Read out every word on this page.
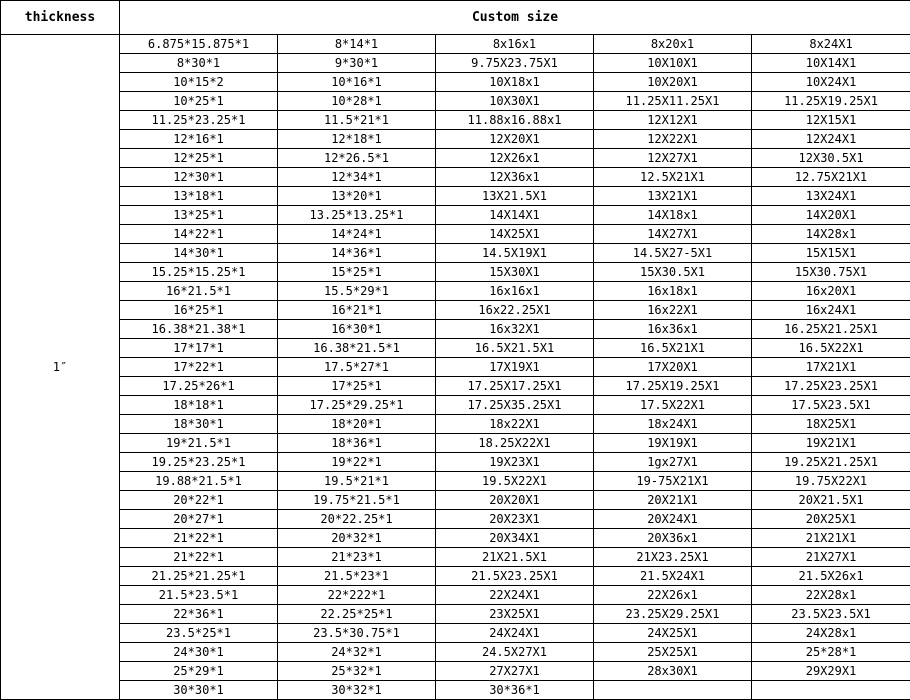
thickness	Custom size				
1″	6.875*15.875*1	8*14*1	8x16x1	8x20x1	8x24X1
	8*30*1	9*30*1	9.75X23.75X1	10X10X1	10X14X1
	10*15*2	10*16*1	10X18x1	10X20X1	10X24X1
	10*25*1	10*28*1	10X30X1	11.25X11.25X1	11.25X19.25X1
	11.25*23.25*1	11.5*21*1	11.88x16.88x1	12X12X1	12X15X1
	12*16*1	12*18*1	12X20X1	12X22X1	12X24X1
	12*25*1	12*26.5*1	12X26x1	12X27X1	12X30.5X1
	12*30*1	12*34*1	12X36x1	12.5X21X1	12.75X21X1
	13*18*1	13*20*1	13X21.5X1	13X21X1	13X24X1
	13*25*1	13.25*13.25*1	14X14X1	14X18x1	14X20X1
	14*22*1	14*24*1	14X25X1	14X27X1	14X28x1
	14*30*1	14*36*1	14.5X19X1	14.5X27-5X1	15X15X1
	15.25*15.25*1	15*25*1	15X30X1	15X30.5X1	15X30.75X1
	16*21.5*1	15.5*29*1	16x16x1	16x18x1	16x20X1
	16*25*1	16*21*1	16x22.25X1	16x22X1	16x24X1
	16.38*21.38*1	16*30*1	16x32X1	16x36x1	16.25X21.25X1
	17*17*1	16.38*21.5*1	16.5X21.5X1	16.5X21X1	16.5X22X1
	17*22*1	17.5*27*1	17X19X1	17X20X1	17X21X1
	17.25*26*1	17*25*1	17.25X17.25X1	17.25X19.25X1	17.25X23.25X1
	18*18*1	17.25*29.25*1	17.25X35.25X1	17.5X22X1	17.5X23.5X1
	18*30*1	18*20*1	18x22X1	18x24X1	18X25X1
	19*21.5*1	18*36*1	18.25X22X1	19X19X1	19X21X1
	19.25*23.25*1	19*22*1	19X23X1	1gx27X1	19.25X21.25X1
	19.88*21.5*1	19.5*21*1	19.5X22X1	19-75X21X1	19.75X22X1
	20*22*1	19.75*21.5*1	20X20X1	20X21X1	20X21.5X1
	20*27*1	20*22.25*1	20X23X1	20X24X1	20X25X1
	21*22*1	20*32*1	20X34X1	20X36x1	21X21X1
	21*22*1	21*23*1	21X21.5X1	21X23.25X1	21X27X1
	21.25*21.25*1	21.5*23*1	21.5X23.25X1	21.5X24X1	21.5X26x1
	21.5*23.5*1	22*222*1	22X24X1	22X26x1	22X28x1
	22*36*1	22.25*25*1	23X25X1	23.25X29.25X1	23.5X23.5X1
	23.5*25*1	23.5*30.75*1	24X24X1	24X25X1	24X28x1
	24*30*1	24*32*1	24.5X27X1	25X25X1	25*28*1
	25*29*1	25*32*1	27X27X1	28x30X1	29X29X1
	30*30*1	30*32*1	30*36*1		
